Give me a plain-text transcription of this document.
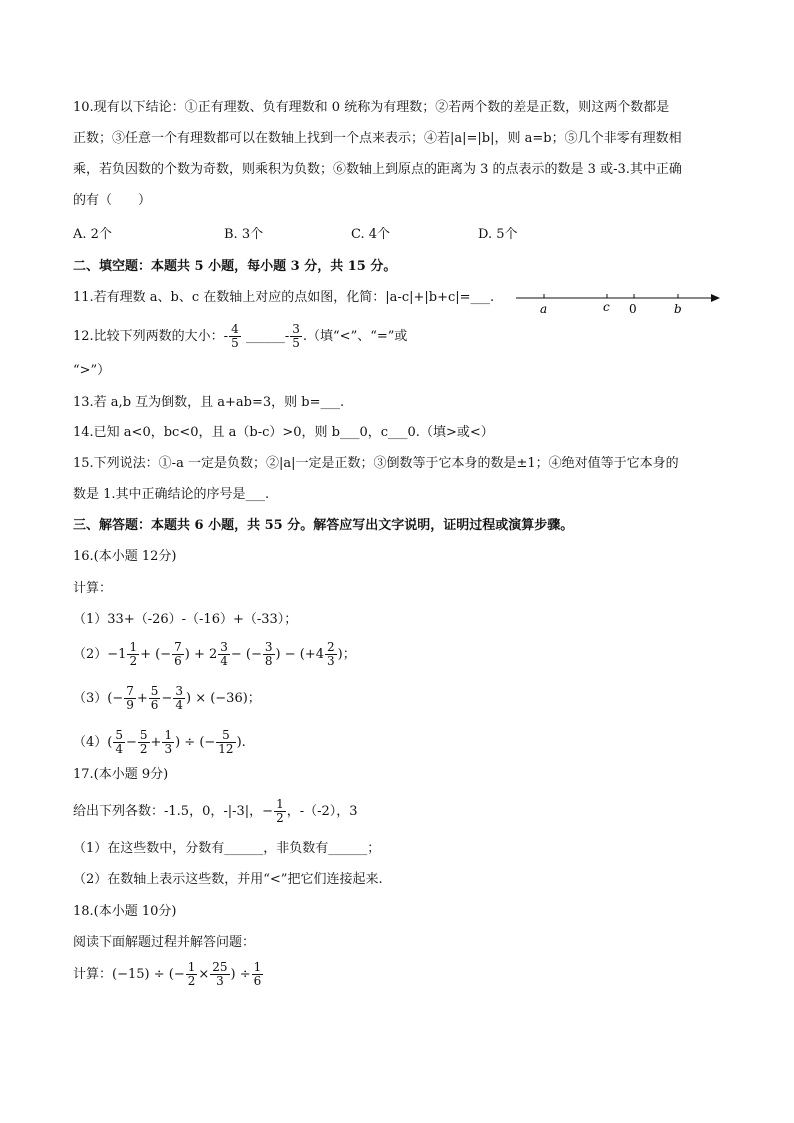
10.现有以下结论：①正有理数、负有理数和 0 统称为有理数；②若两个数的差是正数，则这两个数都是
正数；③任意一个有理数都可以在数轴上找到一个点来表示；④若|a|=|b|，则 a=b；⑤几个非零有理数相
乘，若负因数的个数为奇数，则乘积为负数；⑥数轴上到原点的距离为 3 的点表示的数是 3 或-3.其中正确
的有（　　）
A. 2个	B. 3个	C. 4个	D. 5个
二、填空题：本题共 5 小题，每小题 3 分，共 15 分。
11.若有理数 a、b、c 在数轴上对应的点如图，化简：|a-c|+|b+c|=___.
a	c 0	b
12.比较下列两数的大小：- $\frac{4}{5}$ ______- $\frac{3}{5}$ .（填“<”、“=”或
“>”）
13.若 a,b 互为倒数，且 a+ab=3，则 b=___.
14.已知 a<0，bc<0，且 a（b-c）>0，则 b___0，c___0.（填>或<）
15.下列说法：①-a 一定是负数；②|a|一定是正数；③倒数等于它本身的数是±1；④绝对值等于它本身的
数是 1.其中正确结论的序号是___.
三、解答题：本题共 6 小题，共 55 分。解答应写出文字说明，证明过程或演算步骤。
16.(本小题 12分)
计算：
（1）33+（-26）-（-16）+（-33）；
$(2)-1 \frac{1}{2}$ + (− $\frac{7}{6}$ ) + $2 \frac{3}{4}$ − (− $\frac{3}{8}$ ) − ($+4 \frac{2}{3}$ )；
$(3)(- \frac{7}{9} + \frac{5}{6} - \frac{3}{4}$ ) × (−36)；
$(4)( \frac{5}{4} - \frac{5}{2} + \frac{1}{3}$ ) ÷ (− $\frac{5}{12}$ ).
17.(本小题 9分)
给出下列各数：-1.5，0，-|-3|，− $\frac{1}{2}$ ，-（-2），3
（1）在这些数中，分数有______，非负数有______；
（2）在数轴上表示这些数，并用“<”把它们连接起来.
18.(本小题 10分)
阅读下面解题过程并解答问题：
计算：(−15) ÷ (− $\frac{1}{2} \times \frac{25}{3}$ ) ÷ $\frac{1}{6}$
